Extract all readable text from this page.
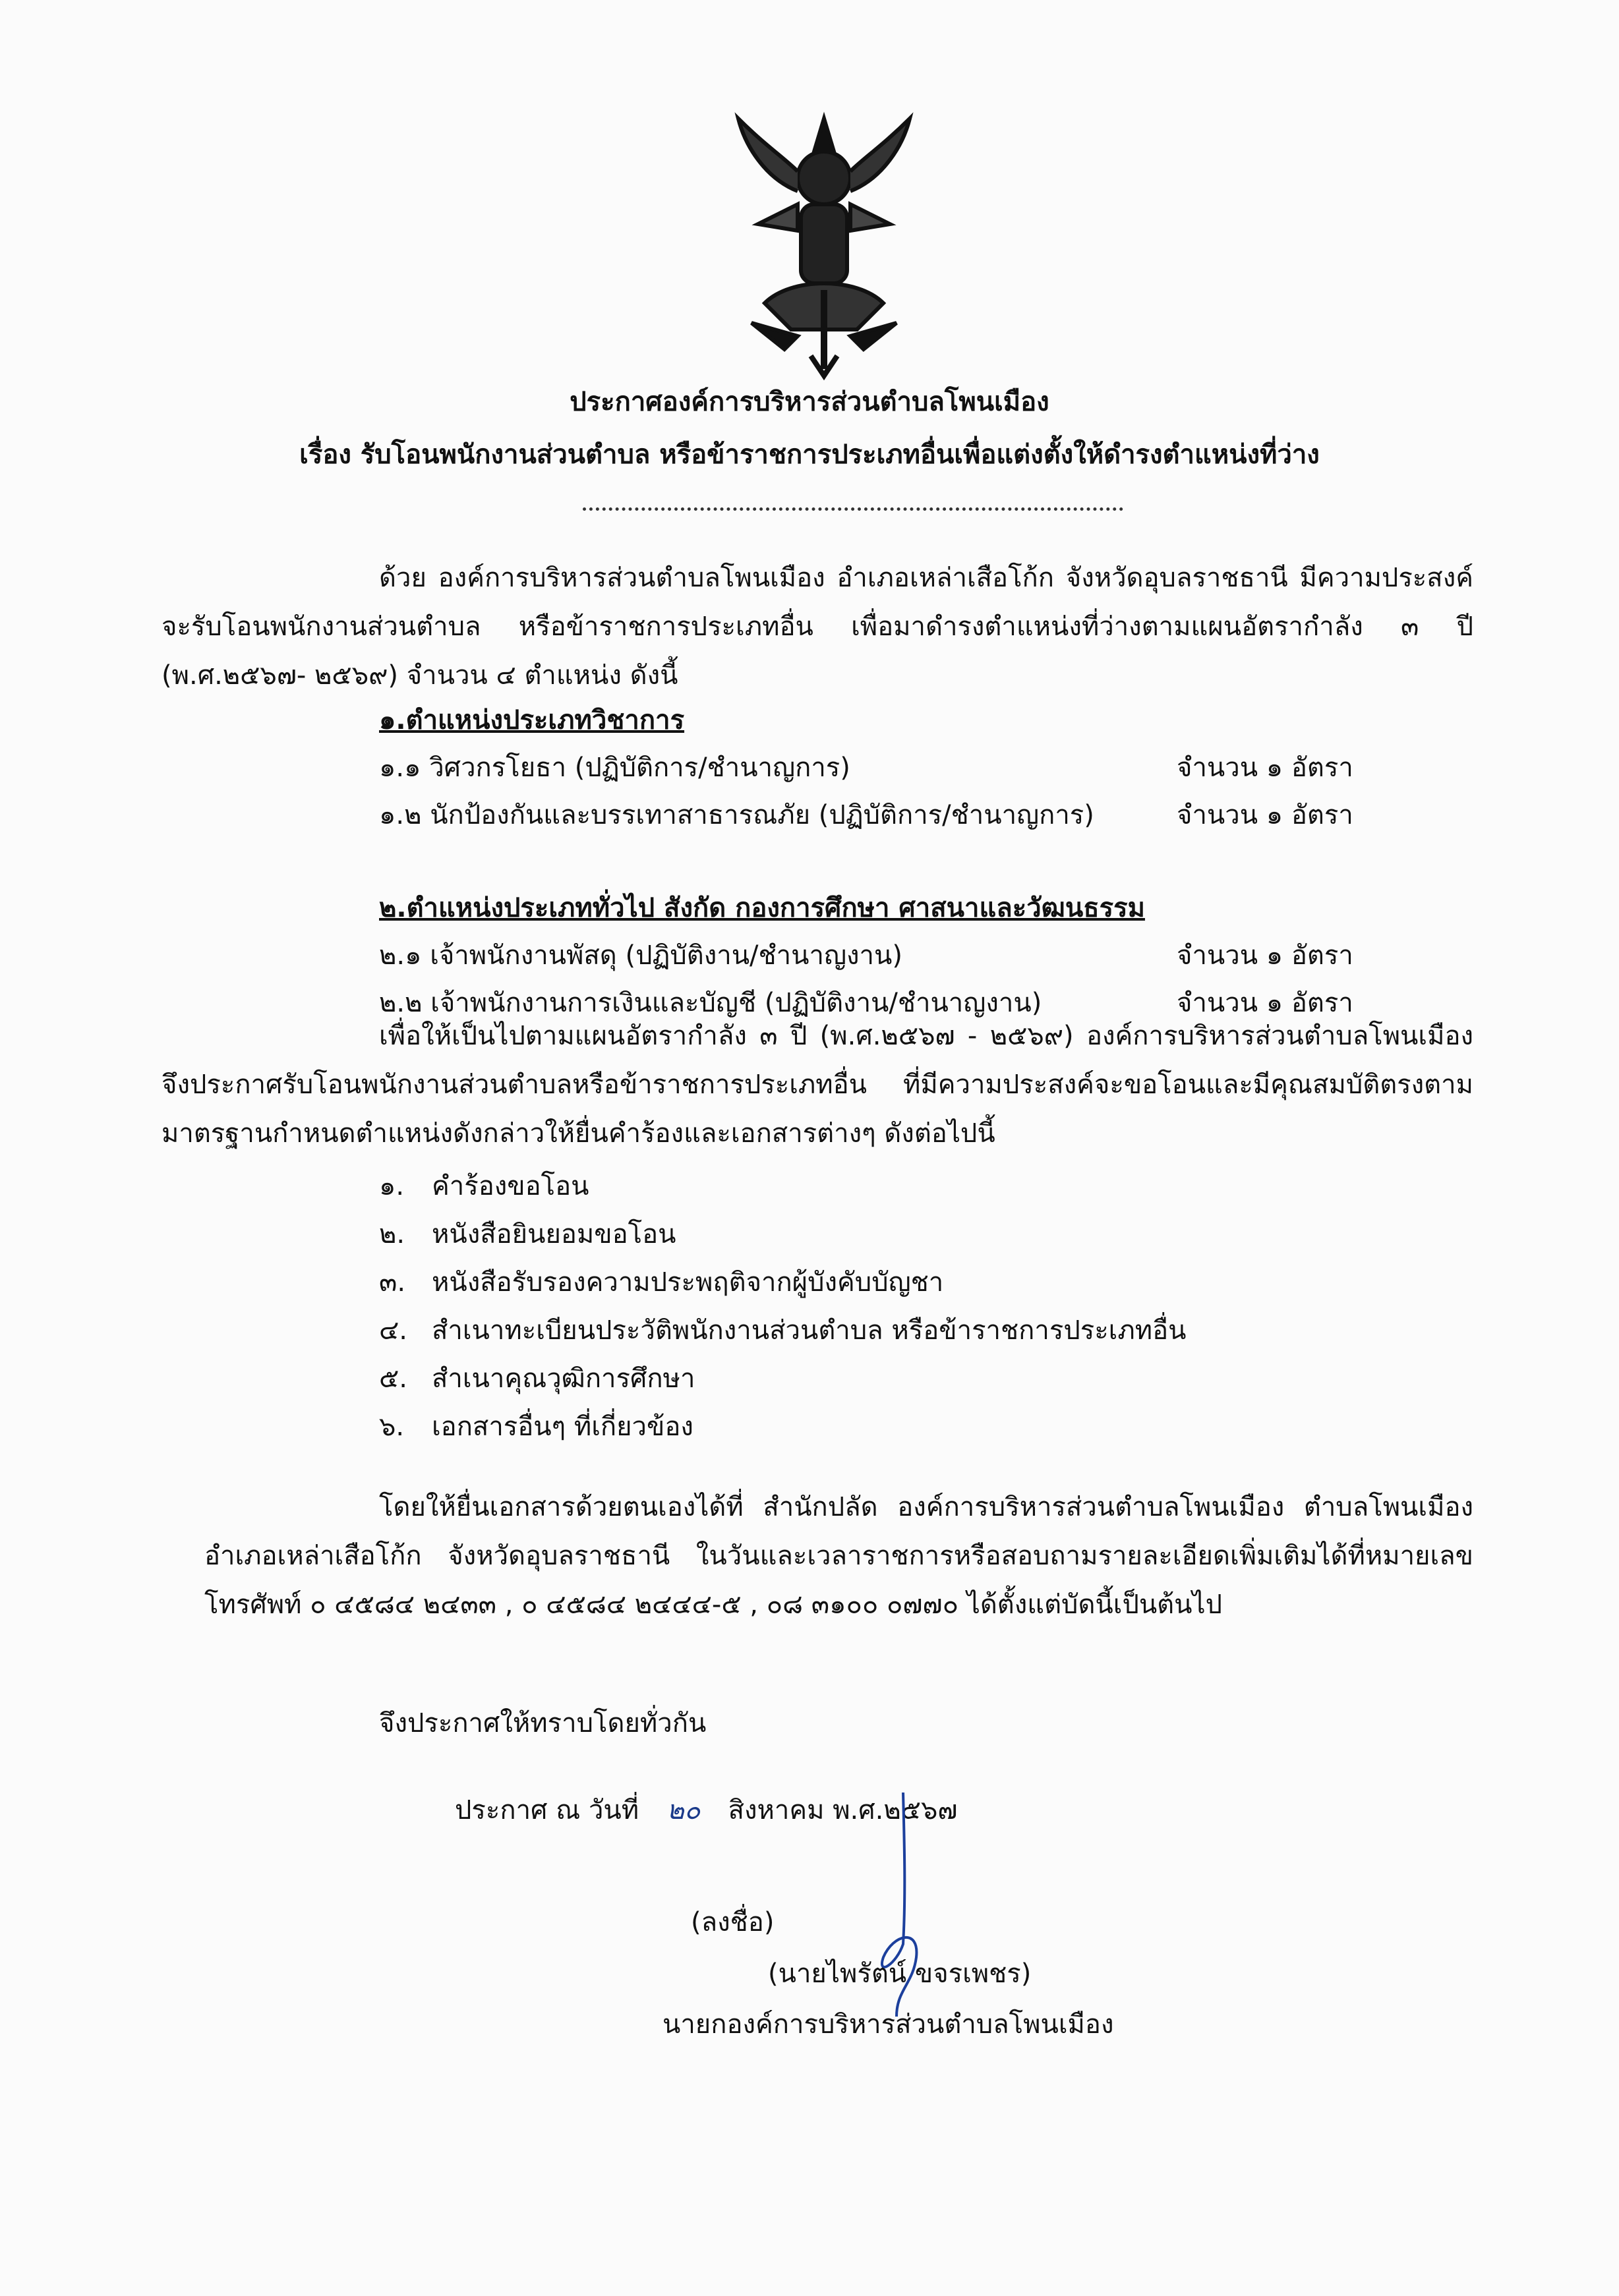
ประกาศองค์การบริหารส่วนตำบลโพนเมือง
เรื่อง รับโอนพนักงานส่วนตำบล หรือข้าราชการประเภทอื่นเพื่อแต่งตั้งให้ดำรงตำแหน่งที่ว่าง
ด้วย องค์การบริหารส่วนตำบลโพนเมือง อำเภอเหล่าเสือโก้ก จังหวัดอุบลราชธานี มีความประสงค์จะรับโอนพนักงานส่วนตำบล หรือข้าราชการประเภทอื่น เพื่อมาดำรงตำแหน่งที่ว่างตามแผนอัตรากำลัง ๓ ปี (พ.ศ.๒๕๖๗- ๒๕๖๙) จำนวน ๔ ตำแหน่ง ดังนี้
๑.ตำแหน่งประเภทวิชาการ
๑.๑ วิศวกรโยธา (ปฏิบัติการ/ชำนาญการ)	จำนวน ๑ อัตรา
๑.๒ นักป้องกันและบรรเทาสาธารณภัย (ปฏิบัติการ/ชำนาญการ)	จำนวน ๑ อัตรา
๒.ตำแหน่งประเภททั่วไป สังกัด กองการศึกษา ศาสนาและวัฒนธรรม
๒.๑ เจ้าพนักงานพัสดุ (ปฏิบัติงาน/ชำนาญงาน)	จำนวน ๑ อัตรา
๒.๒ เจ้าพนักงานการเงินและบัญชี (ปฏิบัติงาน/ชำนาญงาน)	จำนวน ๑ อัตรา
เพื่อให้เป็นไปตามแผนอัตรากำลัง ๓ ปี (พ.ศ.๒๕๖๗ - ๒๕๖๙) องค์การบริหารส่วนตำบลโพนเมือง จึงประกาศรับโอนพนักงานส่วนตำบลหรือข้าราชการประเภทอื่น ที่มีความประสงค์จะขอโอนและมีคุณสมบัติตรงตามมาตรฐานกำหนดตำแหน่งดังกล่าวให้ยื่นคำร้องและเอกสารต่างๆ ดังต่อไปนี้
๑. คำร้องขอโอน
๒. หนังสือยินยอมขอโอน
๓. หนังสือรับรองความประพฤติจากผู้บังคับบัญชา
๔. สำเนาทะเบียนประวัติพนักงานส่วนตำบล หรือข้าราชการประเภทอื่น
๕. สำเนาคุณวุฒิการศึกษา
๖. เอกสารอื่นๆ ที่เกี่ยวข้อง
โดยให้ยื่นเอกสารด้วยตนเองได้ที่ สำนักปลัด องค์การบริหารส่วนตำบลโพนเมือง ตำบลโพนเมือง อำเภอเหล่าเสือโก้ก จังหวัดอุบลราชธานี ในวันและเวลาราชการหรือสอบถามรายละเอียดเพิ่มเติมได้ที่หมายเลขโทรศัพท์ ๐ ๔๕๘๔ ๒๔๓๓ , ๐ ๔๕๘๔ ๒๔๔๔-๕ , ๐๘ ๓๑๐๐ ๐๗๗๐ ได้ตั้งแต่บัดนี้เป็นต้นไป
จึงประกาศให้ทราบโดยทั่วกัน
ประกาศ ณ วันที่ ๒๐ สิงหาคม พ.ศ.๒๕๖๗
(ลงชื่อ)
(นายไพรัตน์ ขจรเพชร)
นายกองค์การบริหารส่วนตำบลโพนเมือง
